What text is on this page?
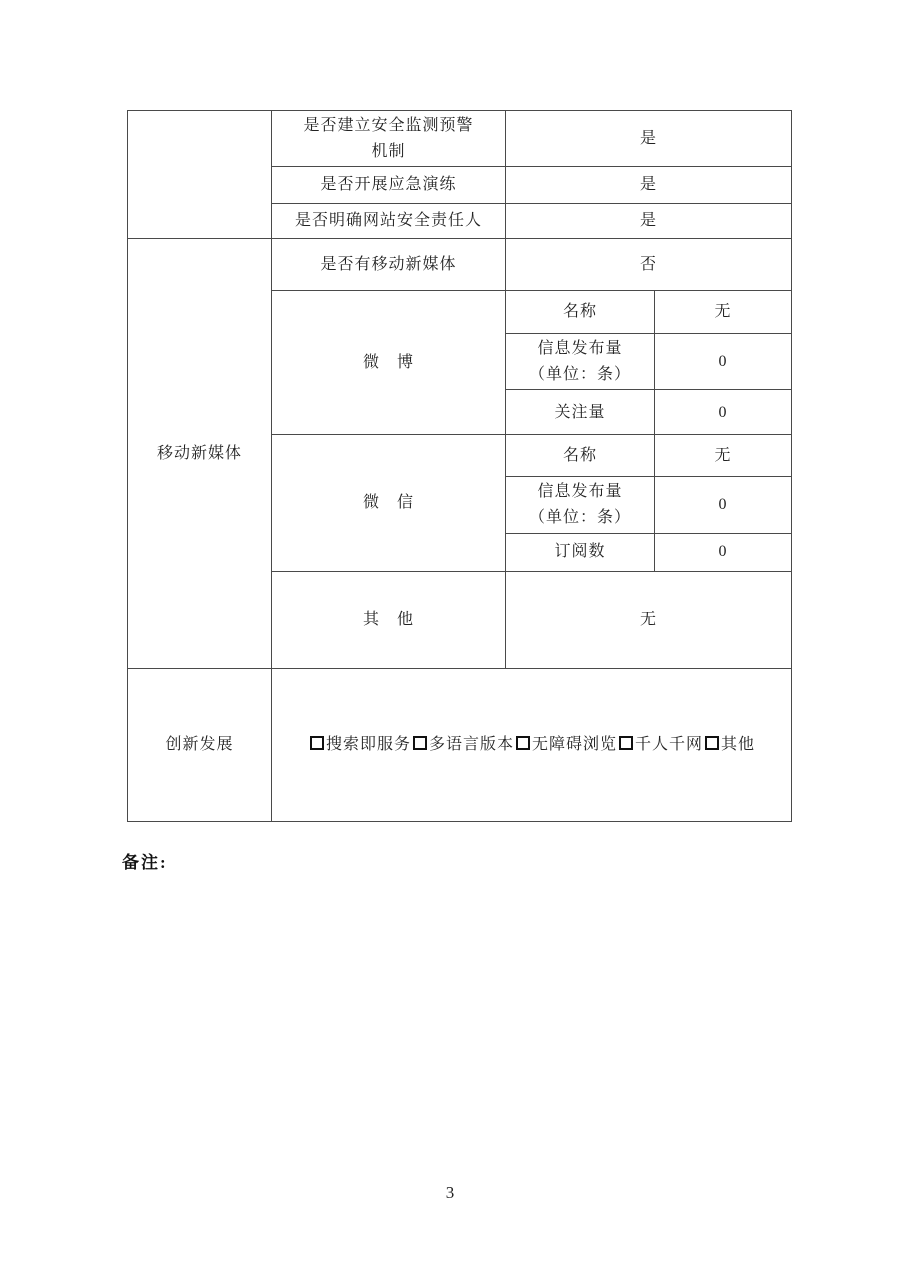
	是否建立安全监测预警
机制	是	
	是否开展应急演练	是	
	是否明确网站安全责任人	是	
移动新媒体	是否有移动新媒体	否	
	微　博	名称	无
		信息发布量
（单位：条）	0
		关注量	0
	微　信	名称	无
		信息发布量
（单位：条）	0
		订阅数	0
	其　他	无	
创新发展	搜索即服务 多语言版本 无障碍浏览 千人千网 其他		
备注:
3
